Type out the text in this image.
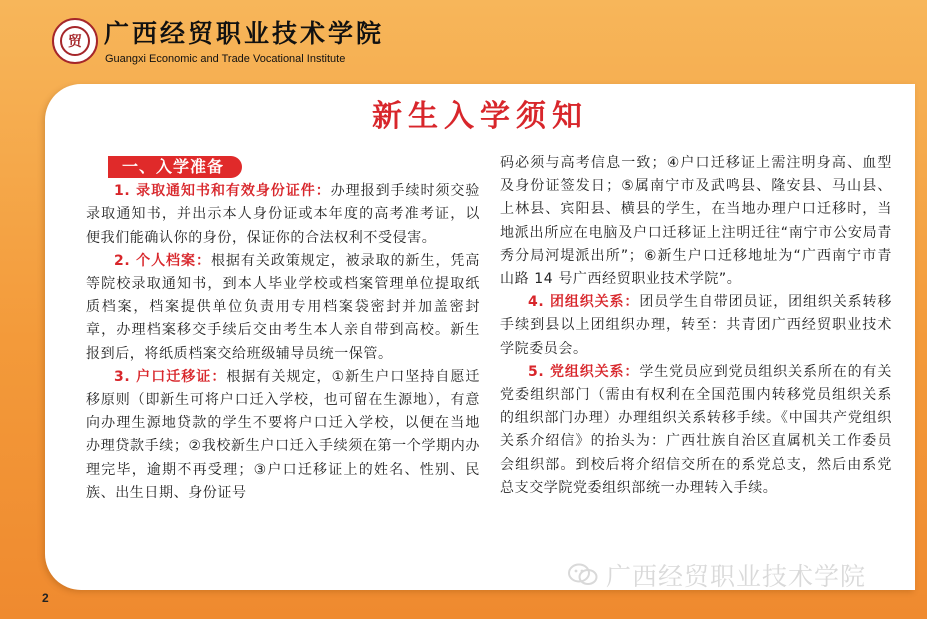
贸 广西经贸职业技术学院
Guangxi Economic and Trade Vocational Institute
新生入学须知
一、入学准备

1. 录取通知书和有效身份证件：办理报到手续时须交验录取通知书，并出示本人身份证或本年度的高考准考证，以便我们能确认你的身份，保证你的合法权利不受侵害。

2. 个人档案：根据有关政策规定，被录取的新生，凭高等院校录取通知书，到本人毕业学校或档案管理单位提取纸质档案，档案提供单位负责用专用档案袋密封并加盖密封章，办理档案移交手续后交由考生本人亲自带到高校。新生报到后，将纸质档案交给班级辅导员统一保管。

3. 户口迁移证：根据有关规定，①新生户口坚持自愿迁移原则（即新生可将户口迁入学校，也可留在生源地），有意向办理生源地贷款的学生不要将户口迁入学校，以便在当地办理贷款手续；②我校新生户口迁入手续须在第一个学期内办理完毕，逾期不再受理；③户口迁移证上的姓名、性别、民族、出生日期、身份证号

码必须与高考信息一致；④户口迁移证上需注明身高、血型及身份证签发日；⑤属南宁市及武鸣县、隆安县、马山县、上林县、宾阳县、横县的学生，在当地办理户口迁移时，当地派出所应在电脑及户口迁移证上注明迁往“南宁市公安局青秀分局河堤派出所”；⑥新生户口迁移地址为“广西南宁市青山路 14 号广西经贸职业技术学院”。

4. 团组织关系：团员学生自带团员证，团组织关系转移手续到县以上团组织办理，转至：共青团广西经贸职业技术学院委员会。

5. 党组织关系：学生党员应到党员组织关系所在的有关党委组织部门（需由有权利在全国范围内转移党员组织关系的组织部门办理）办理组织关系转移手续。《中国共产党组织关系介绍信》的抬头为：广西壮族自治区直属机关工作委员会组织部。到校后将介绍信交所在的系党总支，然后由系党总支交学院党委组织部统一办理转入手续。

广西经贸职业技术学院
2
